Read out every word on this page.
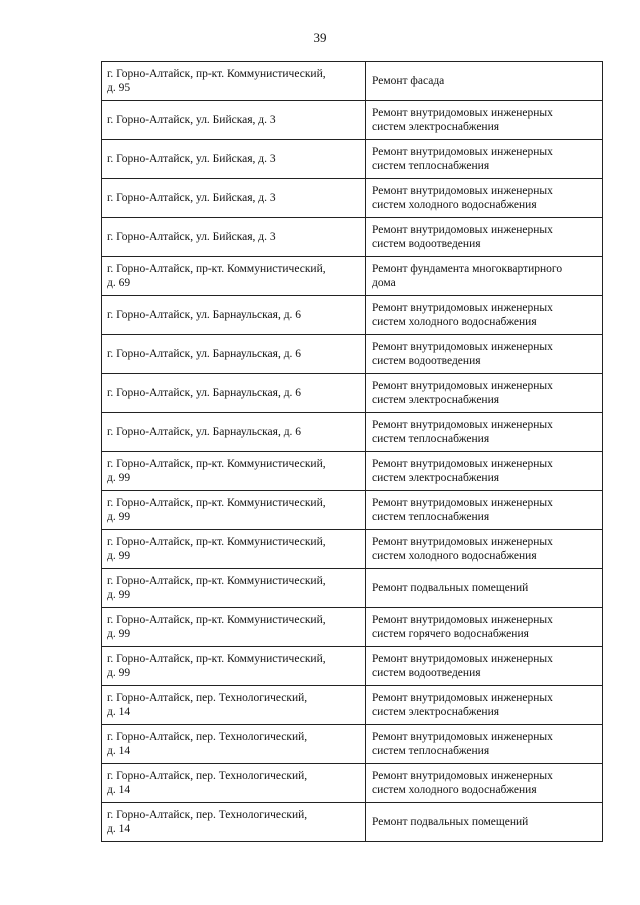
39
г. Горно-Алтайск, пр-кт. Коммунистический,
д. 95	Ремонт фасада

г. Горно-Алтайск, ул. Бийская, д. 3	Ремонт внутридомовых инженерных
систем электроснабжения

г. Горно-Алтайск, ул. Бийская, д. 3	Ремонт внутридомовых инженерных
систем теплоснабжения

г. Горно-Алтайск, ул. Бийская, д. 3	Ремонт внутридомовых инженерных
систем холодного водоснабжения

г. Горно-Алтайск, ул. Бийская, д. 3	Ремонт внутридомовых инженерных
систем водоотведения

г. Горно-Алтайск, пр-кт. Коммунистический,
д. 69	Ремонт фундамента многоквартирного
дома

г. Горно-Алтайск, ул. Барнаульская, д. 6	Ремонт внутридомовых инженерных
систем холодного водоснабжения

г. Горно-Алтайск, ул. Барнаульская, д. 6	Ремонт внутридомовых инженерных
систем водоотведения

г. Горно-Алтайск, ул. Барнаульская, д. 6	Ремонт внутридомовых инженерных
систем электроснабжения

г. Горно-Алтайск, ул. Барнаульская, д. 6	Ремонт внутридомовых инженерных
систем теплоснабжения

г. Горно-Алтайск, пр-кт. Коммунистический,
д. 99	Ремонт внутридомовых инженерных
систем электроснабжения

г. Горно-Алтайск, пр-кт. Коммунистический,
д. 99	Ремонт внутридомовых инженерных
систем теплоснабжения

г. Горно-Алтайск, пр-кт. Коммунистический,
д. 99	Ремонт внутридомовых инженерных
систем холодного водоснабжения

г. Горно-Алтайск, пр-кт. Коммунистический,
д. 99	Ремонт подвальных помещений

г. Горно-Алтайск, пр-кт. Коммунистический,
д. 99	Ремонт внутридомовых инженерных
систем горячего водоснабжения

г. Горно-Алтайск, пр-кт. Коммунистический,
д. 99	Ремонт внутридомовых инженерных
систем водоотведения

г. Горно-Алтайск, пер. Технологический,
д. 14	Ремонт внутридомовых инженерных
систем электроснабжения

г. Горно-Алтайск, пер. Технологический,
д. 14	Ремонт внутридомовых инженерных
систем теплоснабжения

г. Горно-Алтайск, пер. Технологический,
д. 14	Ремонт внутридомовых инженерных
систем холодного водоснабжения

г. Горно-Алтайск, пер. Технологический,
д. 14	Ремонт подвальных помещений
